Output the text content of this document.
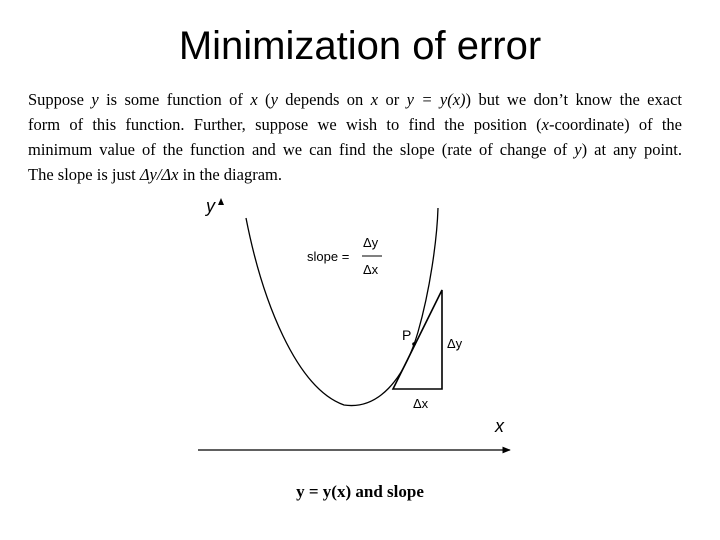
Minimization of error
Suppose y is some function of x (y depends on x or y = y(x)) but we don’t know the exact
form of this function. Further, suppose we wish to find the position (x-coordinate) of the
minimum value of the function and we can find the slope (rate of change of y) at any point.
The slope is just Δy/Δx in the diagram.
y
P
Δy
Δx
slope =
Δy
Δx
x
y = y(x) and slope
